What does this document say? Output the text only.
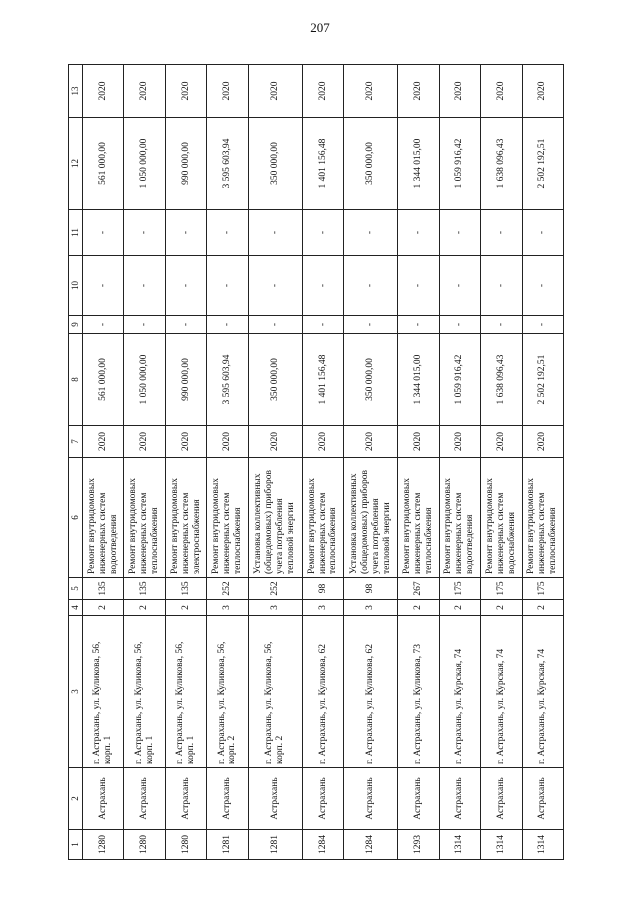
207
1	2	3	4	5	6	7	8	9	10	11	12	13
1280	Астрахань	г. Астрахань, ул. Куликова, 56, корп. 1	2	135	Ремонт внутридомовых инженерных систем водоотведения	2020	561 000,00	-	-	-	561 000,00	2020
1280	Астрахань	г. Астрахань, ул. Куликова, 56, корп. 1	2	135	Ремонт внутридомовых инженерных систем теплоснабжения	2020	1 050 000,00	-	-	-	1 050 000,00	2020
1280	Астрахань	г. Астрахань, ул. Куликова, 56, корп. 1	2	135	Ремонт внутридомовых инженерных систем электроснабжения	2020	990 000,00	-	-	-	990 000,00	2020
1281	Астрахань	г. Астрахань, ул. Куликова, 56, корп. 2	3	252	Ремонт внутридомовых инженерных систем теплоснабжения	2020	3 595 603,94	-	-	-	3 595 603,94	2020
1281	Астрахань	г. Астрахань, ул. Куликова, 56, корп. 2	3	252	Установка коллективных (общедомовых) приборов учета потребления тепловой энергии	2020	350 000,00	-	-	-	350 000,00	2020
1284	Астрахань	г. Астрахань, ул. Куликова, 62	3	98	Ремонт внутридомовых инженерных систем теплоснабжения	2020	1 401 156,48	-	-	-	1 401 156,48	2020
1284	Астрахань	г. Астрахань, ул. Куликова, 62	3	98	Установка коллективных (общедомовых) приборов учета потребления тепловой энергии	2020	350 000,00	-	-	-	350 000,00	2020
1293	Астрахань	г. Астрахань, ул. Куликова, 73	2	267	Ремонт внутридомовых инженерных систем теплоснабжения	2020	1 344 015,00	-	-	-	1 344 015,00	2020
1314	Астрахань	г. Астрахань, ул. Курская, 74	2	175	Ремонт внутридомовых инженерных систем водоотведения	2020	1 059 916,42	-	-	-	1 059 916,42	2020
1314	Астрахань	г. Астрахань, ул. Курская, 74	2	175	Ремонт внутридомовых инженерных систем водоснабжения	2020	1 638 096,43	-	-	-	1 638 096,43	2020
1314	Астрахань	г. Астрахань, ул. Курская, 74	2	175	Ремонт внутридомовых инженерных систем теплоснабжения	2020	2 502 192,51	-	-	-	2 502 192,51	2020
